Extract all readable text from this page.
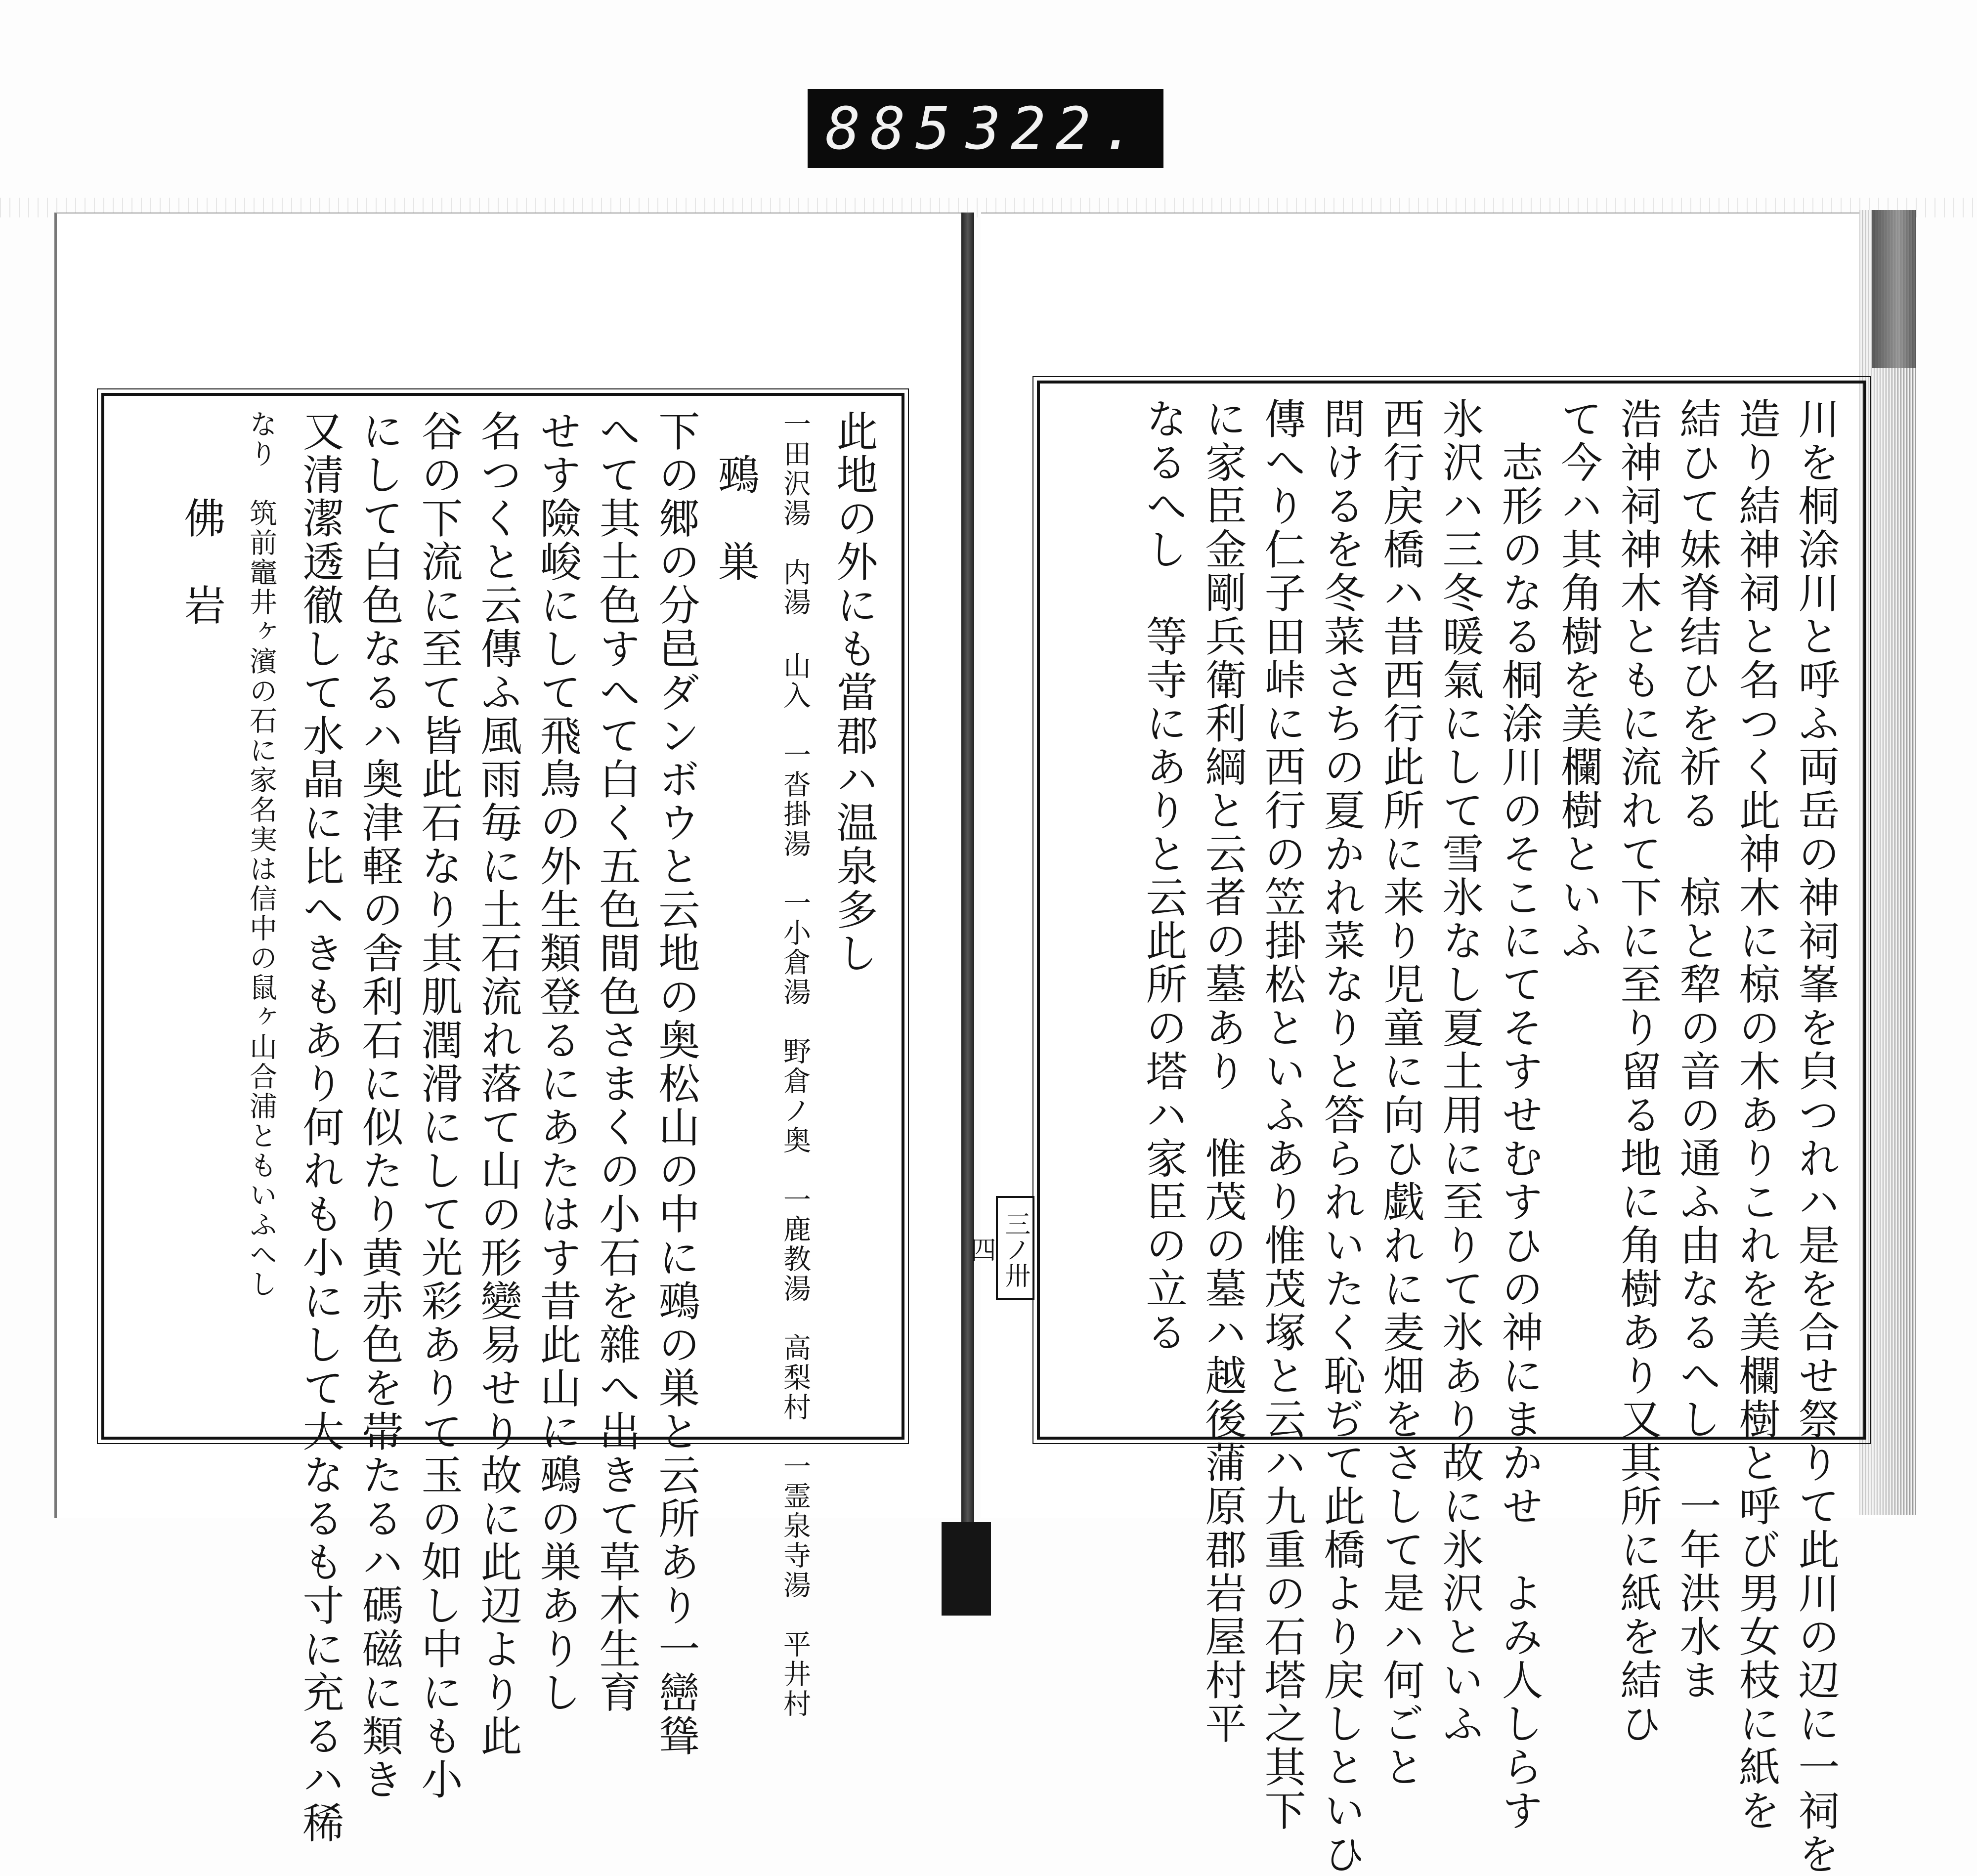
885 322.
川を桐涂川と呼ふ両岳の神祠峯を㒵つれハ是を合せ祭りて此川の辺に一祠を
造り結神祠と名つく此神木に椋の木ありこれを美欄樹と呼び男女枝に紙を
結ひて妹脊结ひを祈る　椋と犂の音の通ふ由なるへし　一年洪水ま
浩神祠神木ともに流れて下に至り留る地に角樹あり又其所に紙を結ひ
て今ハ其角樹を美欄樹といふ
　志形のなる桐涂川のそこにてそすせむすひの神にまかせ　よみ人しらす
氷沢ハ三冬暖氣にして雪氷なし夏土用に至りて氷あり故に氷沢といふ
西行戻橋ハ昔西行此所に来り児童に向ひ戯れに麦畑をさして是ハ何ごと
問けるを冬菜さちの夏かれ菜なりと答られいたく恥ぢて此橋より戻しといひ
傳へり仁子田峠に西行の笠掛松といふあり惟茂塚と云ハ九重の石塔之其下
に家臣金剛兵衛利綱と云者の墓あり　惟茂の墓ハ越後蒲原郡岩屋村平
なるへし　等寺にありと云此所の塔ハ家臣の立る
此地の外にも當郡ハ温泉多し
一田沢湯　内湯 山入　一沓掛湯　一小倉湯　野倉ノ奥　一鹿教湯　高梨村　一霊泉寺湯　平井村
　鵐　巣
下の郷の分邑ダンボウと云地の奥松山の中に鵐の巣と云所あり一巒聳
へて其土色すへて白く五色間色さまくの小石を雜へ出きて草木生育
せす險峻にして飛鳥の外生類登るにあたはす昔此山に鵐の巣ありし
名つくと云傳ふ風雨毎に土石流れ落て山の形變易せり故に此辺より此
谷の下流に至て皆此石なり其肌潤滑にして光彩ありて玉の如し中にも小
にして白色なるハ奥津軽の舎利石に似たり黄赤色を帯たるハ碼磁に類き
又清潔透徹して水晶に比へきもあり何れも小にして大なるも寸に充るハ稀
なり　筑前竈井ヶ濱の石に家名実は信中の鼠ヶ山合浦ともいふへし
　　佛　岩
三ノ卅四
